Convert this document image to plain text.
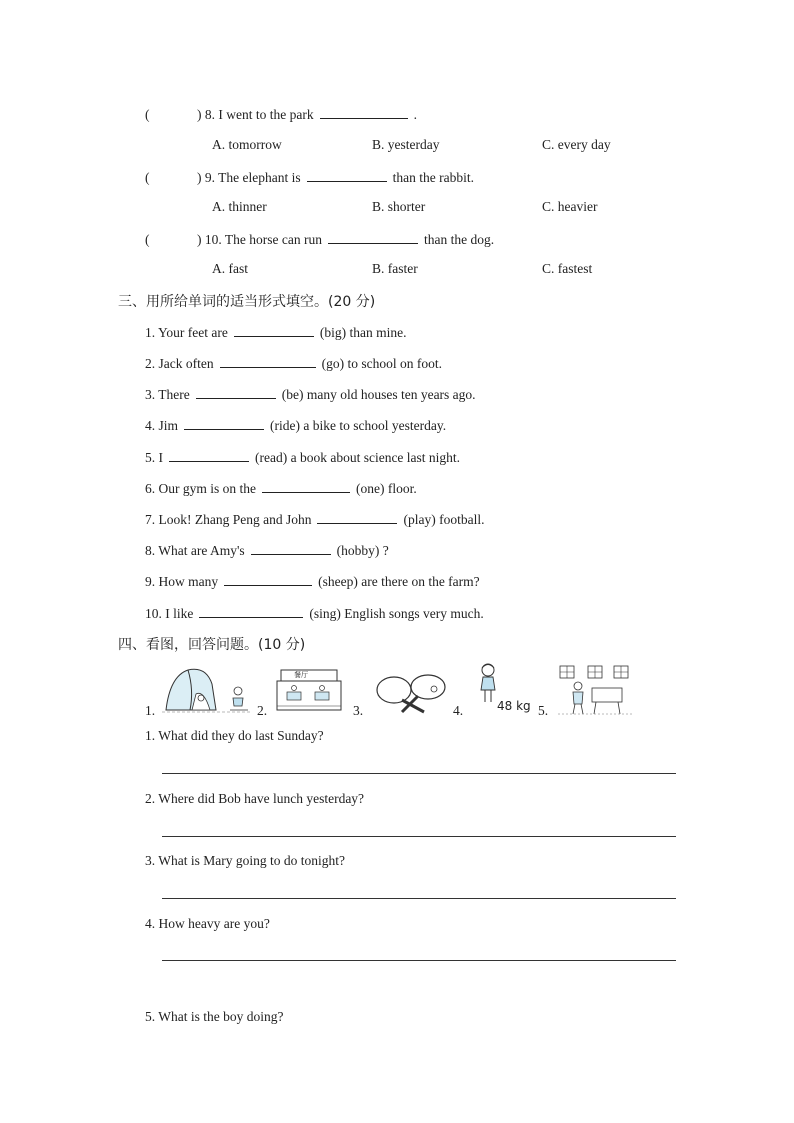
(	) 8. I went to the park	.
A. tomorrow	B. yesterday	C. every day
(	) 9. The elephant is	than the rabbit.
A. thinner	B. shorter	C. heavier
(	) 10. The horse can run	than the dog.
A. fast	B. faster	C. fastest
三、用所给单词的适当形式填空。(20 分)
1. Your feet are	(big) than mine.
2. Jack often	(go) to school on foot.
3. There	(be) many old houses ten years ago.
4. Jim	(ride) a bike to school yesterday.
5. I	(read) a book about science last night.
6. Our gym is on the	(one) floor.
7. Look! Zhang Peng and John	(play) football.
8. What are Amy's	(hobby) ?
9. How many	(sheep) are there on the farm?
10. I like	(sing) English songs very much.
四、看图，回答问题。(10 分)
1.	2.
餐厅
3.	4.	48 kg 5.
1. What did they do last Sunday?
2. Where did Bob have lunch yesterday?
3. What is Mary going to do tonight?
4. How heavy are you?
5. What is the boy doing?
